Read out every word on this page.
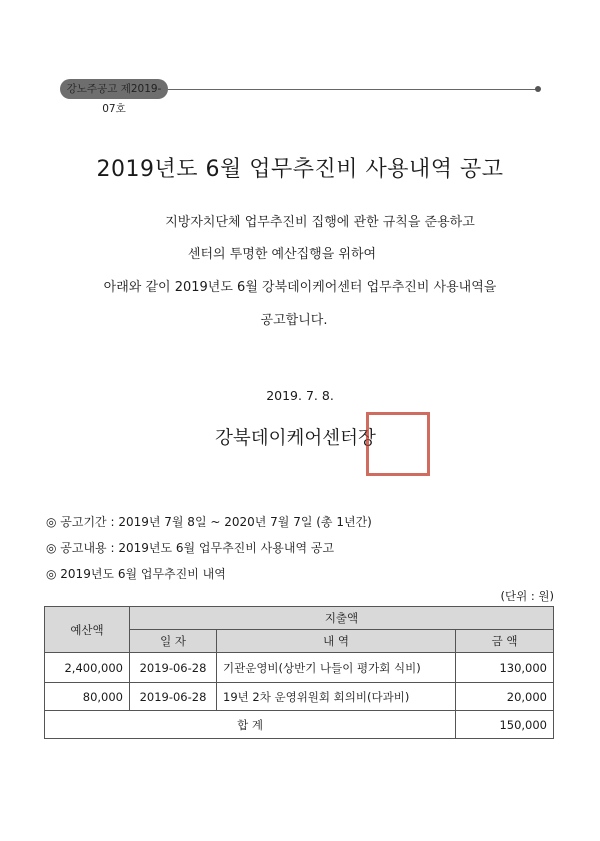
강노주공고 제2019-07호
2019년도 6월 업무추진비 사용내역 공고
지방자치단체 업무추진비 집행에 관한 규칙을 준용하고
센터의 투명한 예산집행을 위하여
아래와 같이 2019년도 6월 강북데이케어센터 업무추진비 사용내역을
공고합니다.
2019. 7. 8.
강북데이케어센터장
◎ 공고기간 : 2019년 7월 8일 ~ 2020년 7월 7일 (총 1년간)
◎ 공고내용 : 2019년도 6월 업무추진비 사용내역 공고
◎ 2019년도 6월 업무추진비 내역
(단위 : 원)
예산액	지출액		
	일 자	내 역	금 액
2,400,000	2019-06-28	기관운영비(상반기 나들이 평가회 식비)	130,000
80,000	2019-06-28	19년 2차 운영위원회 회의비(다과비)	20,000
합 계			150,000
